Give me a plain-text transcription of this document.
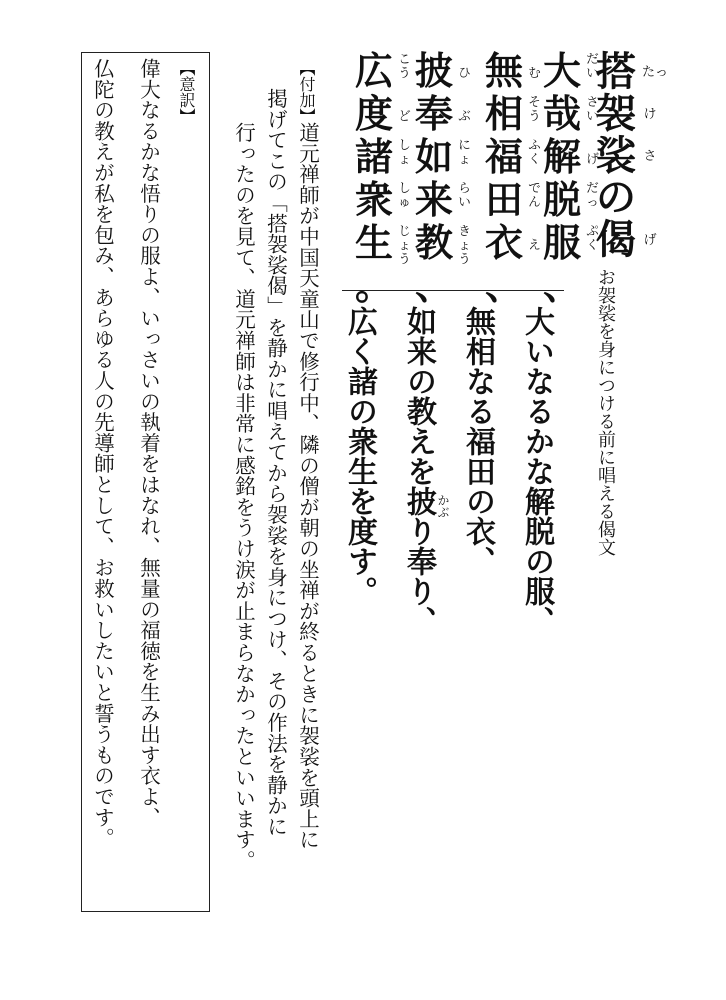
搭
袈
裟
の
偈
たっ
け
さ
げ
お袈裟を身につける前に唱える偈文
大
哉
解
脱
服
、
だ
い
さ
い
げ
だ
っ
ぷ
く
無
相
福
田
衣
、
む
そ
う
ふ
く
で
ん
え
披
奉
如
来
教
、
ひ
ぶ
に
ょ
ら
い
き
ょ
う
広
度
諸
衆
生
。
こ
う
ど
し
ょ
し
ゅ
じ
ょ
う
大いなるかな解脱の服、
無相なる福田の衣、
如来の教えを披り奉り、
広く諸の衆生を度す。	かぶ
【付加】
道元禅師が中国天童山で修行中、隣の僧が朝の坐禅が終るときに袈裟を頭上に
掲げてこの「搭袈裟偈」を静かに唱えてから袈裟を身につけ、その作法を静かに
行ったのを見て、道元禅師は非常に感銘をうけ涙が止まらなかったといいます。
【意訳】
偉大なるかな悟りの服よ、いっさいの執着をはなれ、無量の福徳を生み出す衣よ、
仏陀の教えが私を包み、あらゆる人の先導師として、お救いしたいと誓うものです。
